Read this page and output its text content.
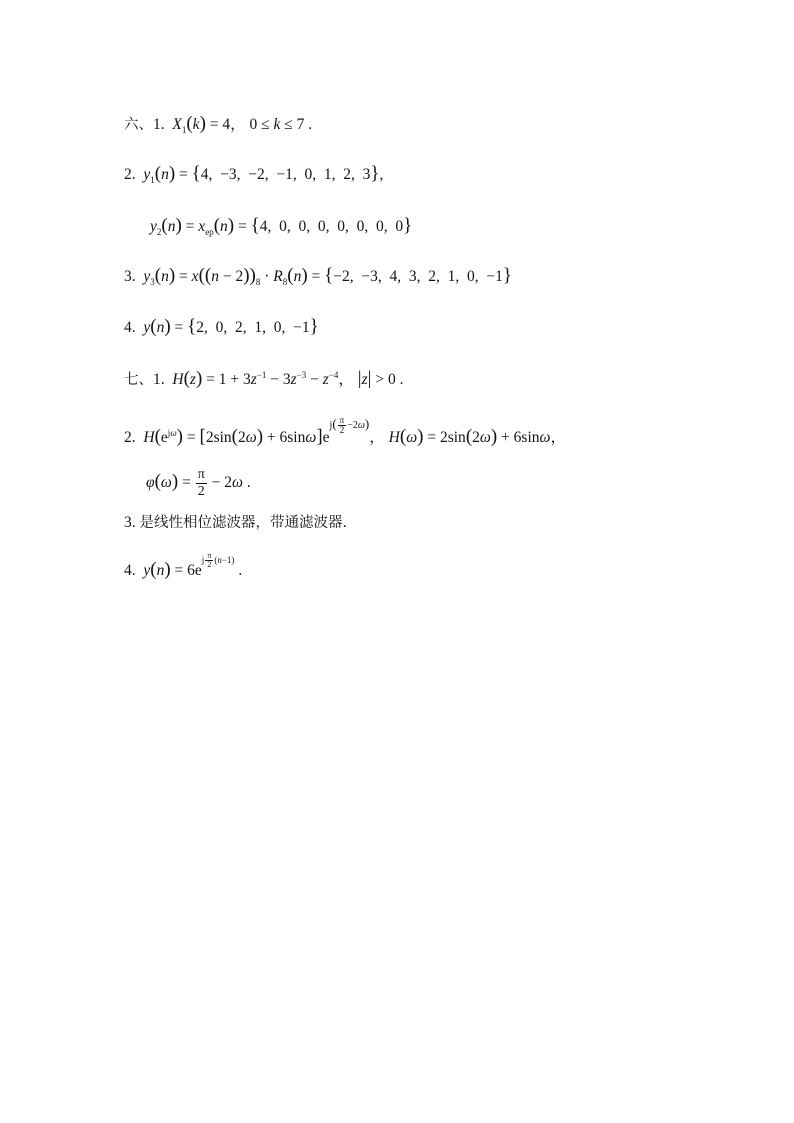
六、1. $X_1(k) = 4$， 0 ≤ k ≤ 7 .
2. $y_1(n) = \{4$,  −3,  −2,  −1,  0,  1,  2,  3},
$y_2(n) = x_{ep}(n) = \{4$,  0,  0,  0,  0,  0,  0,  0}
3. $y_3(n) = x((n - 2))_8 \cdot R_8(n) = \{-2$,  −3,  4,  3,  2,  1,  0,  −1}
4. y(n) = {2,  0,  2,  1,  0,  −1}
七、1. $H(z) = 1 + 3z^{-1} - 3z^{-3} - z^{-4}$， |z| > 0 .
2. $H(e^{j\omega}) = [2\sin(2\omega) + 6\sin\omega]e^{j( \frac{\pi}{2} -2\omega)}$， H(ω) = 2sin(2ω) + 6sinω，
$\varphi(\omega) = \frac{\pi}{2} - 2\omega$ .
3. 是线性相位滤波器，带通滤波器.
4. $y(n) = 6e^{j \frac{\pi}{2} (n-1)}$ .
